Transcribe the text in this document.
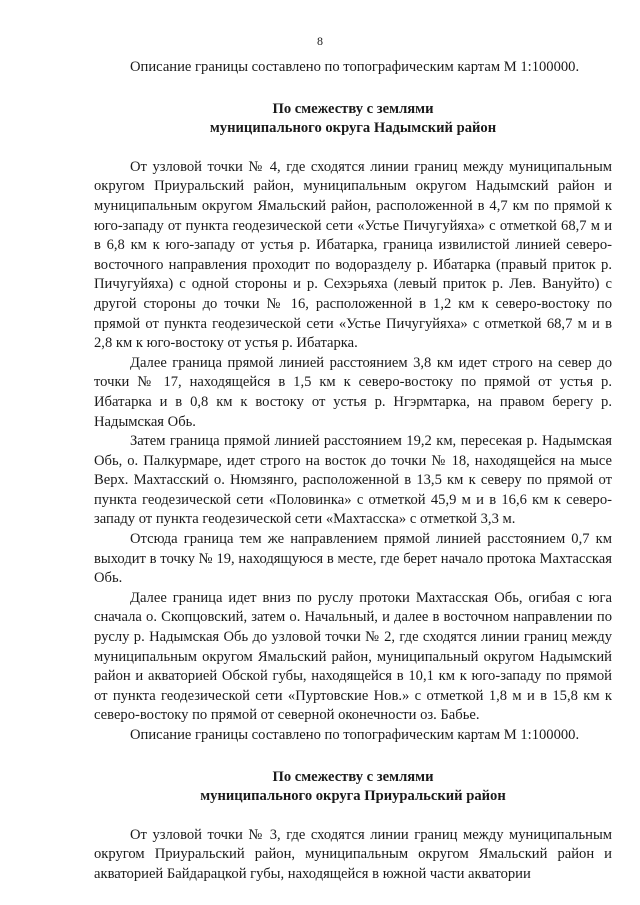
8

Описание границы составлено по топографическим картам М 1:100000.

По смежеству с землями
муниципального округа Надымский район

От узловой точки № 4, где сходятся линии границ между муниципальным округом Приуральский район, муниципальным округом Надымский район и муниципальным округом Ямальский район, расположенной в 4,7 км по прямой к юго-западу от пункта геодезической сети «Устье Пичугуйяха» с отметкой 68,7 м и в 6,8 км к юго-западу от устья р. Ибатарка, граница извилистой линией северо-восточного направления проходит по водоразделу р. Ибатарка (правый приток р. Пичугуйяха) с одной стороны и р. Сехэрьяха (левый приток р. Лев. Вануйто) с другой стороны до точки № 16, расположенной в 1,2 км к северо-востоку по прямой от пункта геодезической сети «Устье Пичугуйяха» с отметкой 68,7 м и в 2,8 км к юго-востоку от устья р. Ибатарка.

Далее граница прямой линией расстоянием 3,8 км идет строго на север до точки № 17, находящейся в 1,5 км к северо-востоку по прямой от устья р. Ибатарка и в 0,8 км к востоку от устья р. Нгэрмтарка, на правом берегу р. Надымская Обь.

Затем граница прямой линией расстоянием 19,2 км, пересекая р. Надымская Обь, о. Палкурмаре, идет строго на восток до точки № 18, находящейся на мысе Верх. Махтасский о. Нюмзянго, расположенной в 13,5 км к северу по прямой от пункта геодезической сети «Половинка» с отметкой 45,9 м и в 16,6 км к северо-западу от пункта геодезической сети «Махтасска» с отметкой 3,3 м.

Отсюда граница тем же направлением прямой линией расстоянием 0,7 км выходит в точку № 19, находящуюся в месте, где берет начало протока Махтасская Обь.

Далее граница идет вниз по руслу протоки Махтасская Обь, огибая с юга сначала о. Скопцовский, затем о. Начальный, и далее в восточном направлении по руслу р. Надымская Обь до узловой точки № 2, где сходятся линии границ между муниципальным округом Ямальский район, муниципальный округом Надымский район и акваторией Обской губы, находящейся в 10,1 км к юго-западу по прямой от пункта геодезической сети «Пуртовские Нов.» с отметкой 1,8 м и в 15,8 км к северо-востоку по прямой от северной оконечности оз. Бабье.

Описание границы составлено по топографическим картам М 1:100000.

По смежеству с землями
муниципального округа Приуральский район

От узловой точки № 3, где сходятся линии границ между муниципальным округом Приуральский район, муниципальным округом Ямальский район и акваторией Байдарацкой губы, находящейся в южной части акватории
